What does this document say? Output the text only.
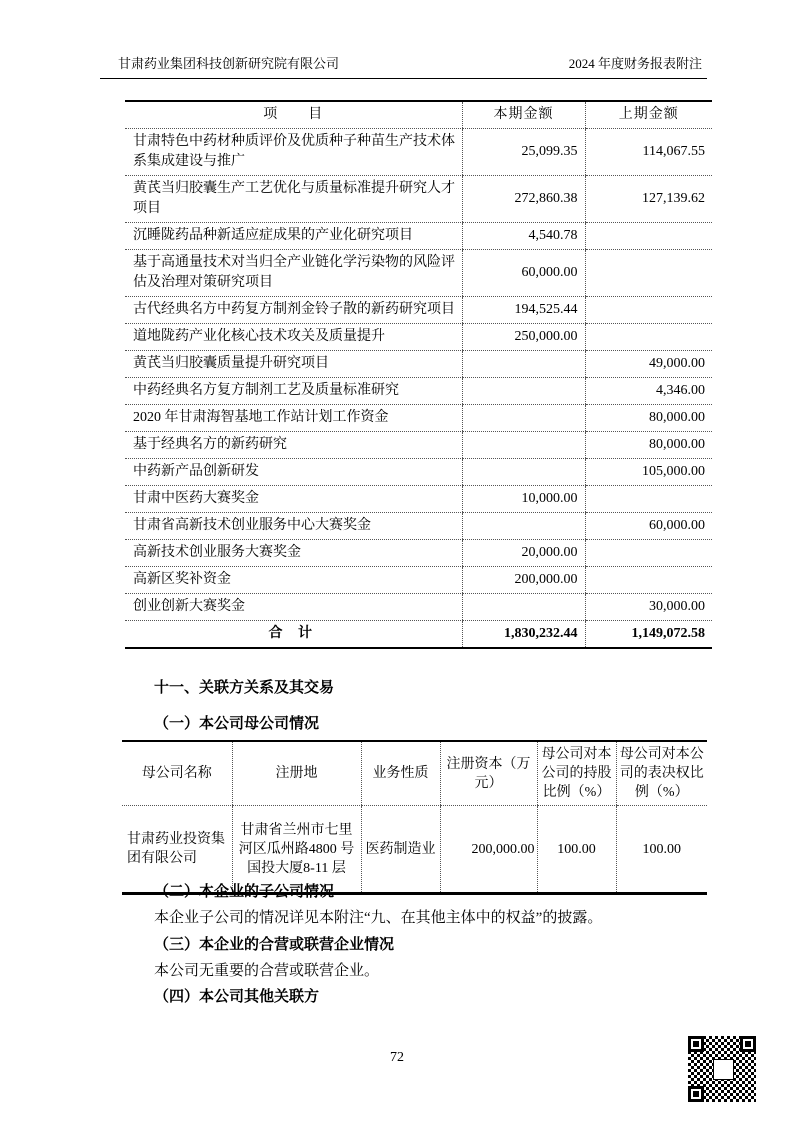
甘肃药业集团科技创新研究院有限公司	2024 年度财务报表附注
项　　目	本期金额	上期金额
甘肃特色中药材种质评价及优质种子种苗生产技术体系集成建设与推广	25,099.35	114,067.55
黄芪当归胶囊生产工艺优化与质量标准提升研究人才项目	272,860.38	127,139.62
沉睡陇药品种新适应症成果的产业化研究项目	4,540.78	
基于高通量技术对当归全产业链化学污染物的风险评估及治理对策研究项目	60,000.00	
古代经典名方中药复方制剂金铃子散的新药研究项目	194,525.44	
道地陇药产业化核心技术攻关及质量提升	250,000.00	
黄芪当归胶囊质量提升研究项目		49,000.00
中药经典名方复方制剂工艺及质量标准研究		4,346.00
2020 年甘肃海智基地工作站计划工作资金		80,000.00
基于经典名方的新药研究		80,000.00
中药新产品创新研发		105,000.00
甘肃中医药大赛奖金	10,000.00	
甘肃省高新技术创业服务中心大赛奖金		60,000.00
高新技术创业服务大赛奖金	20,000.00	
高新区奖补资金	200,000.00	
创业创新大赛奖金		30,000.00
合 计	1,830,232.44	1,149,072.58
十一、关联方关系及其交易
（一）本公司母公司情况
母公司名称	注册地	业务性质	注册资本（万元）	母公司对本公司的持股比例（%）	母公司对本公司的表决权比例（%）
甘肃药业投资集团有限公司	甘肃省兰州市七里河区瓜州路4800 号国投大厦8-11 层	医药制造业	200,000.00	100.00	100.00
（二）本企业的子公司情况
本企业子公司的情况详见本附注“九、在其他主体中的权益”的披露。
（三）本企业的合营或联营企业情况
本公司无重要的合营或联营企业。
（四）本公司其他关联方
72
